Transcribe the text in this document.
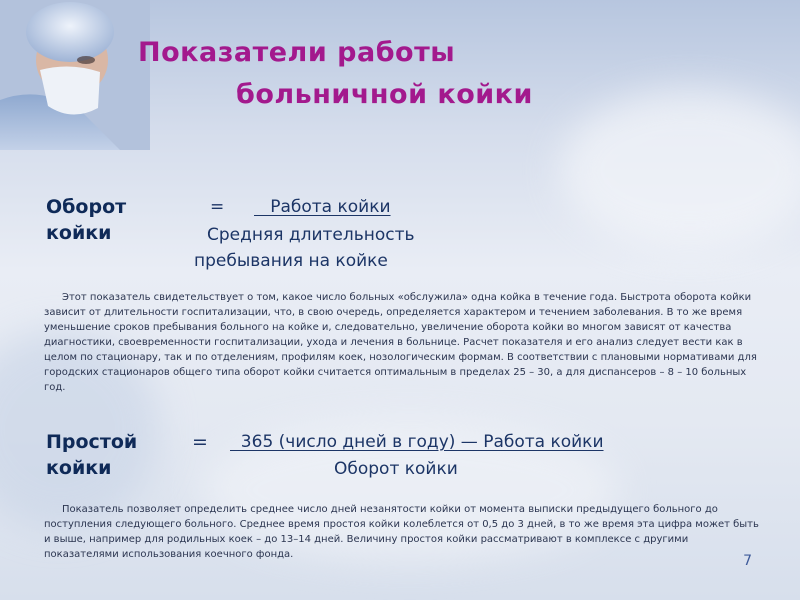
Показатели работы
больничной койки
Оборот
койки
= Работа койки
Средняя длительность
пребывания на койке

Этот показатель свидетельствует о том, какое число больных «обслужила» одна койка в течение года. Быстрота оборота койки зависит от длительности госпитализации, что, в свою очередь, определяется характером и течением заболевания. В то же время уменьшение сроков пребывания больного на койке и, следовательно, увеличение оборота койки во многом зависят от качества диагностики, своевременности госпитализации, ухода и лечения в больнице. Расчет показателя и его анализ следует вести как в целом по стационару, так и по отделениям, профилям коек, нозологическим формам. В соответствии с плановыми нормативами для городских стационаров общего типа оборот койки считается оптимальным в пределах 25 – 30, а для диспансеров – 8 – 10 больных год.

Простой
койки
= 365 (число дней в году) — Работа койки
Оборот койки

Показатель позволяет определить среднее число дней незанятости койки от момента выписки предыдущего больного до поступления следующего больного. Среднее время простоя койки колеблется от 0,5 до 3 дней, в то же время эта цифра может быть и выше, например для родильных коек – до 13–14 дней. Величину простоя койки рассматривают в комплексе с другими показателями использования коечного фонда.	7
